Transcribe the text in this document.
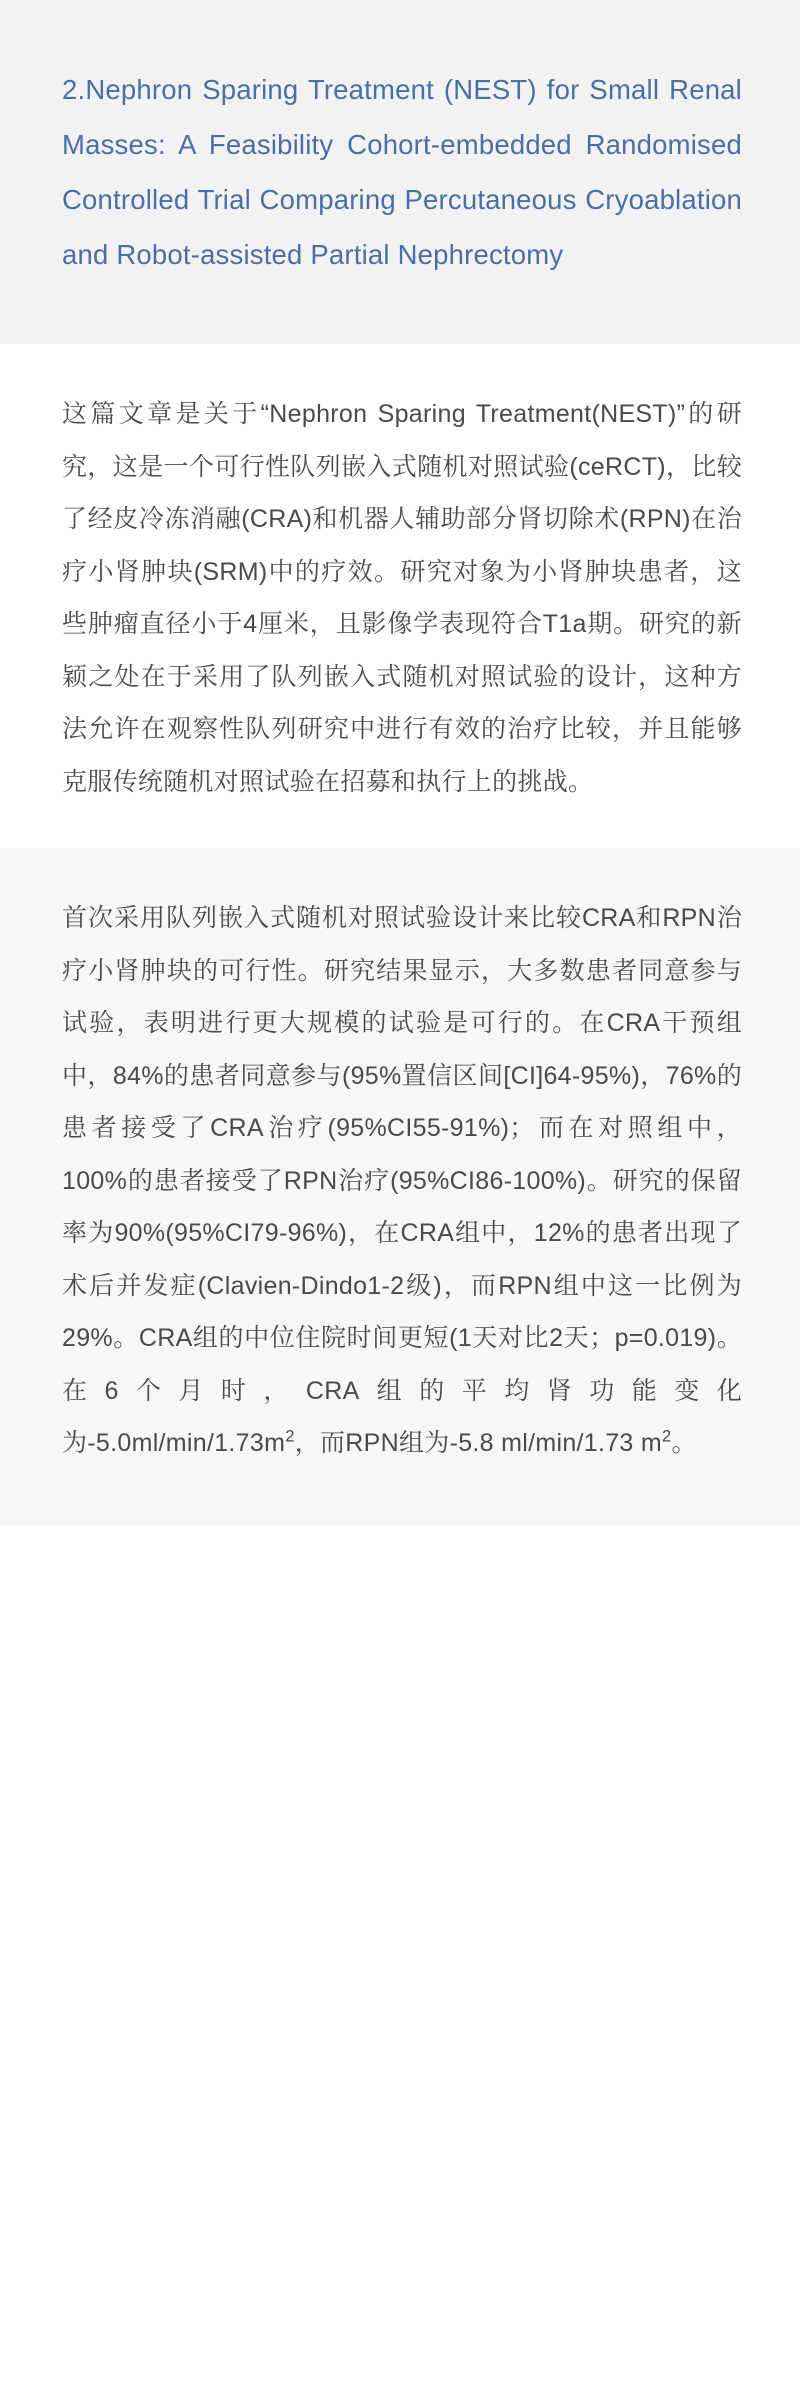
2.Nephron Sparing Treatment (NEST) for Small Renal Masses: A Feasibility Cohort-embedded Randomised Controlled Trial Comparing Percutaneous Cryoablation and Robot-assisted Partial Nephrectomy

这篇文章是关于“Nephron Sparing Treatment(NEST)”的研究，这是一个可行性队列嵌入式随机对照试验(ceRCT)，比较了经皮冷冻消融(CRA)和机器人辅助部分肾切除术(RPN)在治疗小肾肿块(SRM)中的疗效。研究对象为小肾肿块患者，这些肿瘤直径小于4厘米，且影像学表现符合T1a期。研究的新颖之处在于采用了队列嵌入式随机对照试验的设计，这种方法允许在观察性队列研究中进行有效的治疗比较，并且能够克服传统随机对照试验在招募和执行上的挑战。

首次采用队列嵌入式随机对照试验设计来比较CRA和RPN治疗小肾肿块的可行性。研究结果显示，大多数患者同意参与试验，表明进行更大规模的试验是可行的。在CRA干预组中，84%的患者同意参与(95%置信区间[CI]64-95%)，76%的患者接受了CRA治疗(95%CI55-91%)；而在对照组中，100%的患者接受了RPN治疗(95%CI86-100%)。研究的保留率为90%(95%CI79-96%)，在CRA组中，12%的患者出现了术后并发症(Clavien-Dindo1-2级)，而RPN组中这一比例为29%。CRA组的中位住院时间更短(1天对比2天；p=0.019)。在6个月时，CRA组的平均肾功能变化为$-5.0ml/\min/1.73m^2$，而RPN组为-5.8 ml/min/1.73 $m^2$。
